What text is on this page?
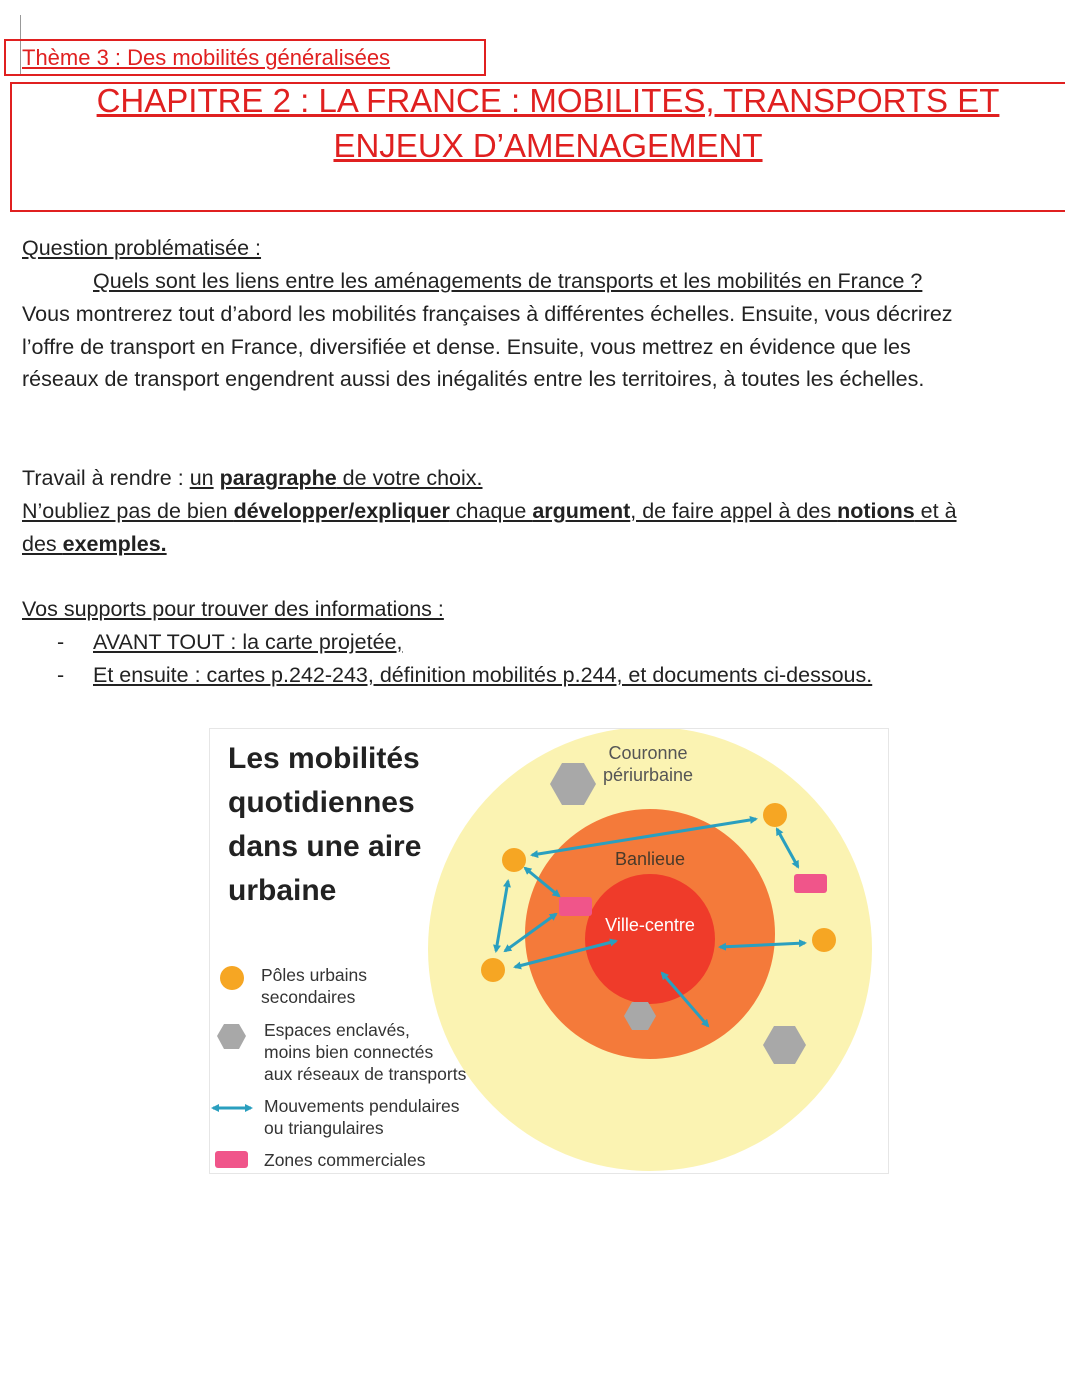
Thème 3 : Des mobilités généralisées
CHAPITRE 2 : LA FRANCE : MOBILITES, TRANSPORTS ET
ENJEUX D’AMENAGEMENT
Question problématisée :
Quels sont les liens entre les aménagements de transports et les mobilités en France ?
Vous montrerez tout d’abord les mobilités françaises à différentes échelles. Ensuite, vous décrirez
l’offre de transport en France, diversifiée et dense. Ensuite, vous mettrez en évidence que les
réseaux de transport engendrent aussi des inégalités entre les territoires, à toutes les échelles.
Travail à rendre : un paragraphe de votre choix.
N’oubliez pas de bien développer/expliquer chaque argument, de faire appel à des notions et à
des exemples.
Vos supports pour trouver des informations :
- AVANT TOUT : la carte projetée,
- Et ensuite : cartes p.242-243, définition mobilités p.244, et documents ci-dessous.
Les mobilités
quotidiennes
dans une aire
urbaine
Couronne
périurbaine
Banlieue
Ville-centre
Pôles urbains
secondaires
Espaces enclavés,
moins bien connectés
aux réseaux de transports
Mouvements pendulaires
ou triangulaires
Zones commerciales
